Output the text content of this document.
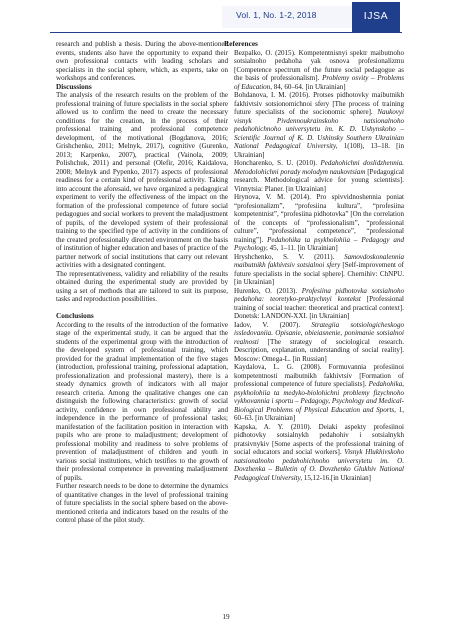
Vol. 1, No. 1-2, 2018	IJSA

research and publish a thesis. During the above-mentioned events, students also have the opportunity to expand their own professional contacts with leading scholars and specialists in the social sphere, which, as experts, take on workshops and conferences.

Discussions

The analysis of the research results on the problem of the professional training of future specialists in the social sphere allowed us to confirm the need to create the necessary conditions for the creation, in the process of their professional training and professional competence development, of the motivational (Bogdanova, 2016; Grishchenko, 2011; Melnyk, 2017), cognitive (Gurenko, 2013; Karpenko, 2007), practical (Vainola, 2009; Polishchuk, 2011) and personal (Olefir, 2016; Kaidalova, 2008; Melnyk and Pypenko, 2017) aspects of professional readiness for a certain kind of professional activity. Taking into account the aforesaid, we have organized a pedagogical experiment to verify the effectiveness of the impact on the formation of the professional competence of future social pedagogues and social workers to prevent the maladjustment of pupils, of the developed system of their professional training to the specified type of activity in the conditions of the created professionally directed environment on the basis of institution of higher education and bases of practice of the partner network of social institutions that carry out relevant activities with a designated contingent.

The representativeness, validity and reliability of the results obtained during the experimental study are provided by using a set of methods that are tailored to suit its purpose, tasks and reproduction possibilities.

Conclusions

According to the results of the introduction of the formative stage of the experimental study, it can be argued that the students of the experimental group with the introduction of the developed system of professional training, which provided for the gradual implementation of the five stages (introduction, professional training, professional adaptation, professionalization and professional mastery), there is a steady dynamics growth of indicators with all major research criteria. Among the qualitative changes one can distinguish the following characteristics: growth of social activity, confidence in own professional ability and independence in the performance of professional tasks; manifestation of the facilitation position in interaction with pupils who are prone to maladjustment; development of professional mobility and readiness to solve problems of prevention of maladjustment of children and youth in various social institutions, which testifies to the growth of their professional competence in preventing maladjustment of pupils.

Further research needs to be done to determine the dynamics of quantitative changes in the level of professional training of future specialists in the social sphere based on the above-mentioned criteria and indicators based on the results of the control phase of the pilot study.

References

Bezpalko, O. (2015). Kompetentnisnyi spektr maibutnoho sotsialnoho pedahoha yak osnova profesionalizmu [Competence spectrum of the future social pedagogue as the basis of professionalism]. Problemy osvity – Problems of Education, 84, 60–64. [in Ukrainian]

Bohdanova, I. M. (2016). Protses pidhotovky maibutnikh fakhivtsiv sotsionomichnoi sfery [The process of training future specialists of the socionomic sphere]. Naukovyi visnyk Pivdennoukrainskoho natsionalnoho pedahohichnoho universytetu im. K. D. Ushynskoho – Scientific Journal of K. D. Ushinsky Southern Ukrainian National Pedagogical University, 1(108), 13–18. [in Ukrainian]

Honcharenko, S. U. (2010). Pedahohichni doslidzhennia. Metodolohichni porady molodym naukovtsiam [Pedagogical research. Methodological advice for young scientists]. Vinnytsia: Planer. [in Ukrainian]

Hrynova, V. M. (2014). Pro spivvidnoshennia poniat “profesionalizm”, “profesiina kultura”, “profesiina kompetentnist”, “profesiina pidhotovka” [On the correlation of the concepts of “professionalism”, “professional culture”, “professional competence”, “professional training”]. Pedahohika ta psykholohiia – Pedagogy and Psychology, 45, 1–11. [in Ukrainian]

Hryshchenko, S. V. (2011). Samovdoskonalennia maibutnikh fakhivtsiv sotsialnoi sfery [Self-improvement of future specialists in the social sphere]. Chernihiv: ChNPU. [in Ukrainian]

Hurenko, O. (2013). Profesiina pidhotovka sotsialnoho pedahoha: teoretyko-praktychnyi kontekst [Professional training of social teacher: theoretical and practical context]. Donetsk: LANDON-XXI. [in Ukrainian]

Iadov, V. (2007). Strategiia sotsiologicheskogo issledovaniia. Opisanie, obieiasnenie, ponimanie sotsialnoi realnosti [The strategy of sociological research. Description, explanation, understanding of social reality]. Moscow: Omega-L. [in Russian]

Kaydalova, L. G. (2008). Formuvannia profesiinoi kompetentnosti maibutnikh fakhivtsiv [Formation of professional competence of future specialists]. Pedahohika, psykholohiia ta medyko-biolohichni problemy fizychnoho vykhovannia i sportu – Pedagogy, Psychology and Medical-Biological Problems of Physical Education and Sports, 1, 60–63. [in Ukrainian]

Kapska, A. Y. (2010). Deiaki aspekty profesiinoi pidhotovky sotsialnykh pedahohiv i sotsialnykh pratsivnykiv [Some aspects of the professional training of social educators and social workers]. Visnyk Hlukhivskoho natsionalnoho pedahohichnoho universytetu im. O. Dovzhenka – Bulletin of O. Dovzhenko Glukhiv National Pedagogical University, 15,12-16.[in Ukrainian]

19
